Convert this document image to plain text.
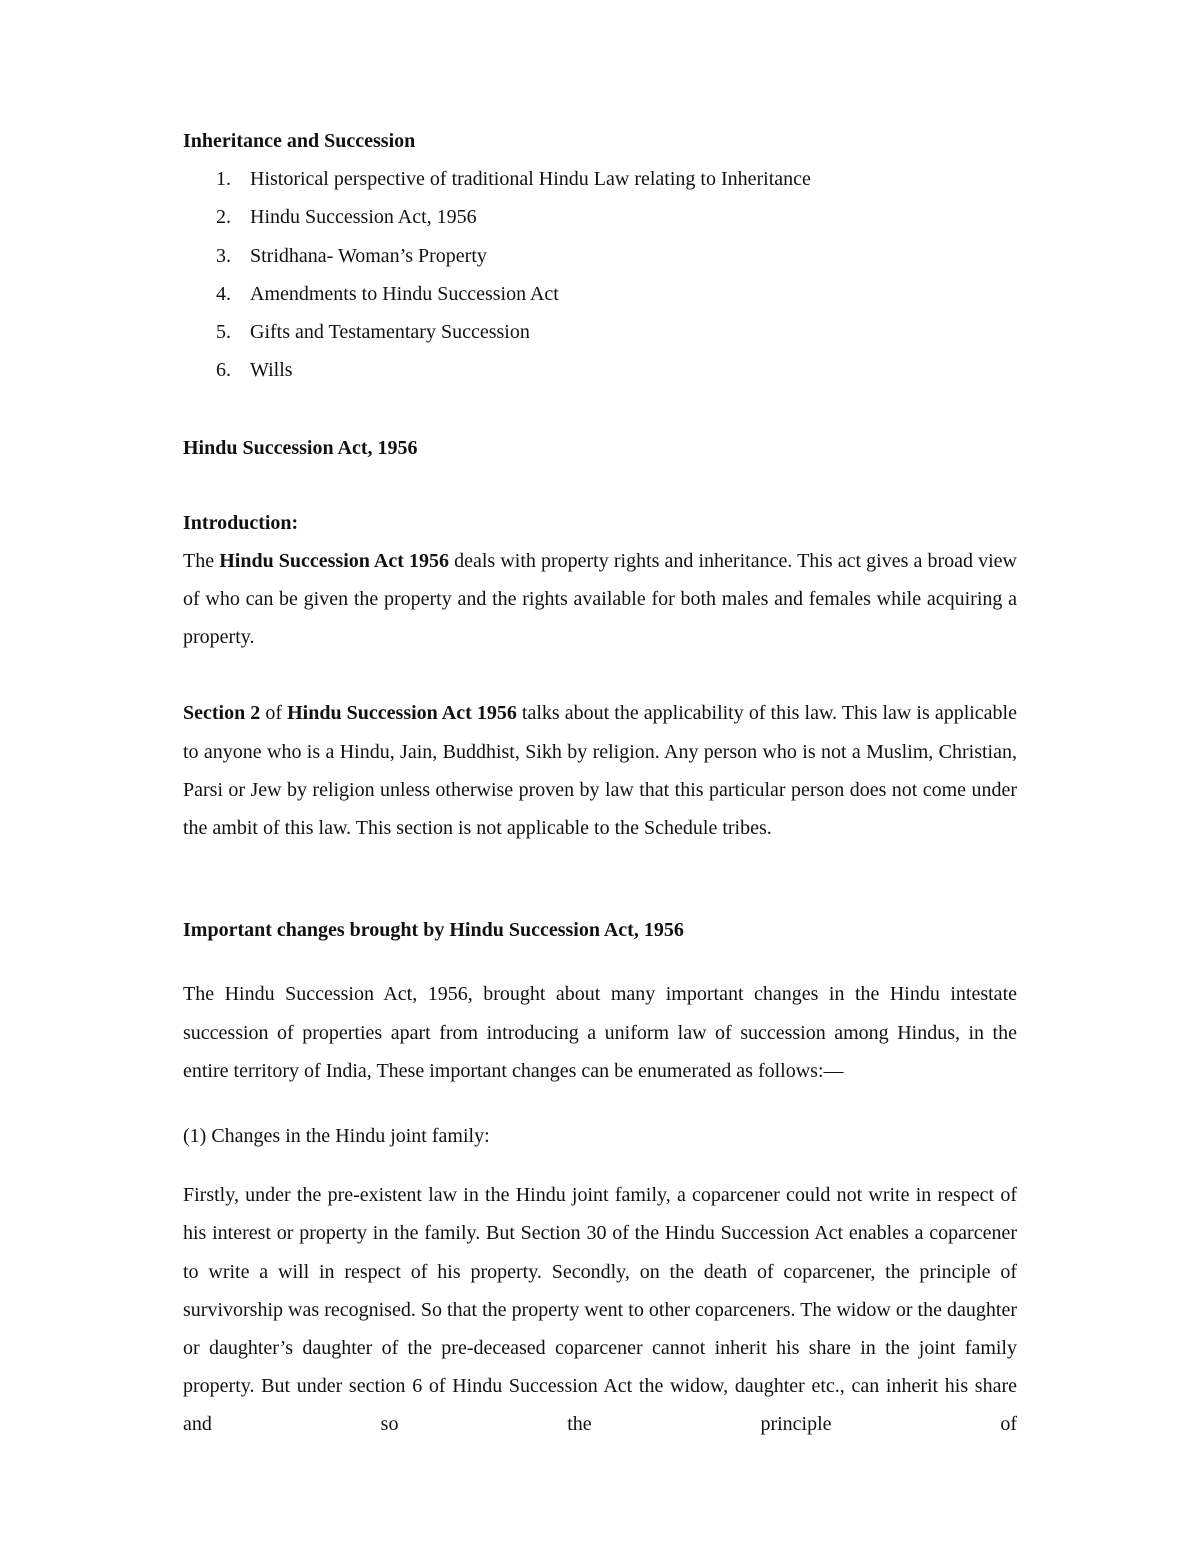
Inheritance and Succession
1. Historical perspective of traditional Hindu Law relating to Inheritance
2. Hindu Succession Act, 1956
3. Stridhana- Woman’s Property
4. Amendments to Hindu Succession Act
5. Gifts and Testamentary Succession
6. Wills
Hindu Succession Act, 1956
Introduction:

The Hindu Succession Act 1956 deals with property rights and inheritance. This act gives a broad view of who can be given the property and the rights available for both males and females while acquiring a property.

Section 2 of Hindu Succession Act 1956 talks about the applicability of this law. This law is applicable to anyone who is a Hindu, Jain, Buddhist, Sikh by religion. Any person who is not a Muslim, Christian, Parsi or Jew by religion unless otherwise proven by law that this particular person does not come under the ambit of this law. This section is not applicable to the Schedule tribes.

Important changes brought by Hindu Succession Act, 1956

The Hindu Succession Act, 1956, brought about many important changes in the Hindu intestate succession of properties apart from introducing a uniform law of succession among Hindus, in the entire territory of India, These important changes can be enumerated as follows:—

(1) Changes in the Hindu joint family:

Firstly, under the pre-existent law in the Hindu joint family, a coparcener could not write in respect of his interest or property in the family. But Section 30 of the Hindu Succession Act enables a coparcener to write a will in respect of his property. Secondly, on the death of coparcener, the principle of survivorship was recognised. So that the property went to other coparceners. The widow or the daughter or daughter’s daughter of the pre-deceased coparcener cannot inherit his share in the joint family property. But under section 6 of Hindu Succession Act the widow, daughter etc., can inherit his share and so the principle of
